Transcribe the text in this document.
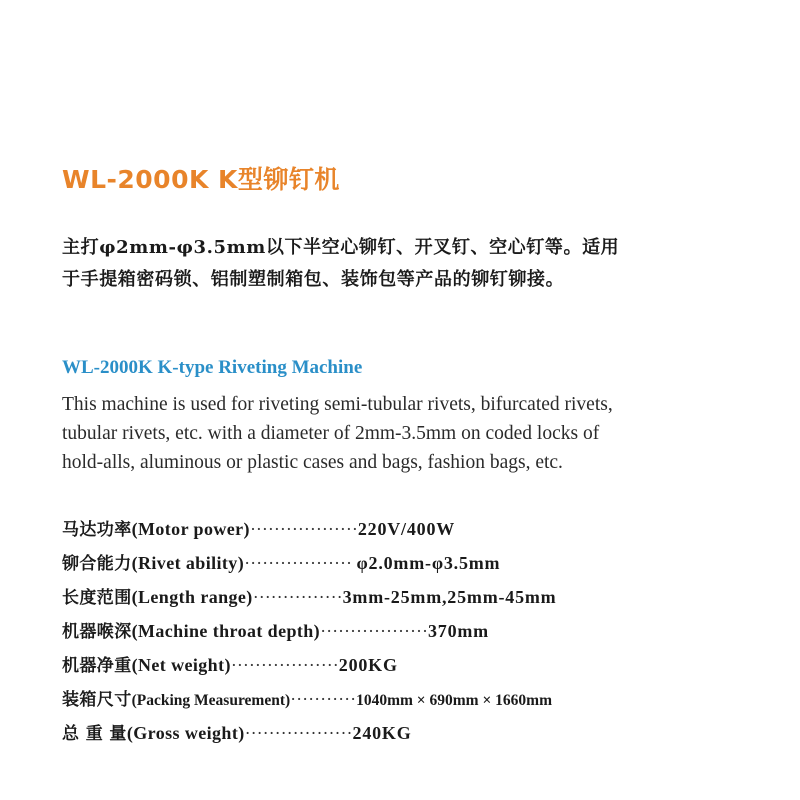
WL-2000K K型铆钉机
主打φ2mm-φ3.5mm以下半空心铆钉、开叉钉、空心钉等。适用
于手提箱密码锁、铝制塑制箱包、装饰包等产品的铆钉铆接。
WL-2000K K-type Riveting Machine
This machine is used for riveting semi-tubular rivets, bifurcated rivets,
tubular rivets, etc. with a diameter of 2mm-3.5mm on coded locks of
hold-alls, aluminous or plastic cases and bags, fashion bags, etc.
马达功率(Motor power)··················220V/400W
铆合能力(Rivet ability)·················· φ2.0mm-φ3.5mm
长度范围(Length range)···············3mm-25mm,25mm-45mm
机器喉深(Machine throat depth)··················370mm
机器净重(Net weight)··················200KG
装箱尺寸(Packing Measurement)···········1040mm × 690mm × 1660mm
总 重 量(Gross weight)··················240KG
